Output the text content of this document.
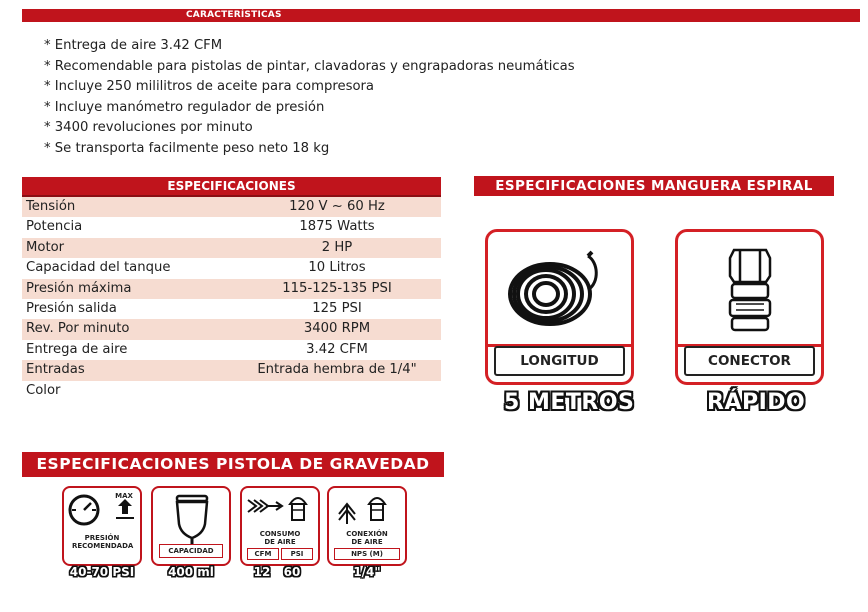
CARACTERÍSTICAS
* Entrega de aire 3.42 CFM
* Recomendable para pistolas de pintar, clavadoras y engrapadoras neumáticas
* Incluye 250 mililitros de aceite para compresora
* Incluye manómetro regulador de presión
* 3400 revoluciones por minuto
* Se transporta facilmente peso neto 18 kg
ESPECIFICACIONES
Tensión	120 V ~ 60 Hz
Potencia	1875 Watts
Motor	2 HP
Capacidad del tanque	10 Litros
Presión máxima	115-125-135 PSI
Presión salida	125 PSI
Rev. Por minuto	3400 RPM
Entrega de aire	3.42 CFM
Entradas	Entrada hembra de 1/4"
Color
ESPECIFICACIONES MANGUERA ESPIRAL
LONGITUD
5 METROS
CONECTOR
RÁPIDO
ESPECIFICACIONES PISTOLA DE GRAVEDAD
MAX
PRESIÓN RECOMENDADA
40-70 PSI
CAPACIDAD
400 ml
CONSUMO DE AIRE
CFM	PSI
12	60
CONEXIÓN DE AIRE
NPS (M)
1/4"
